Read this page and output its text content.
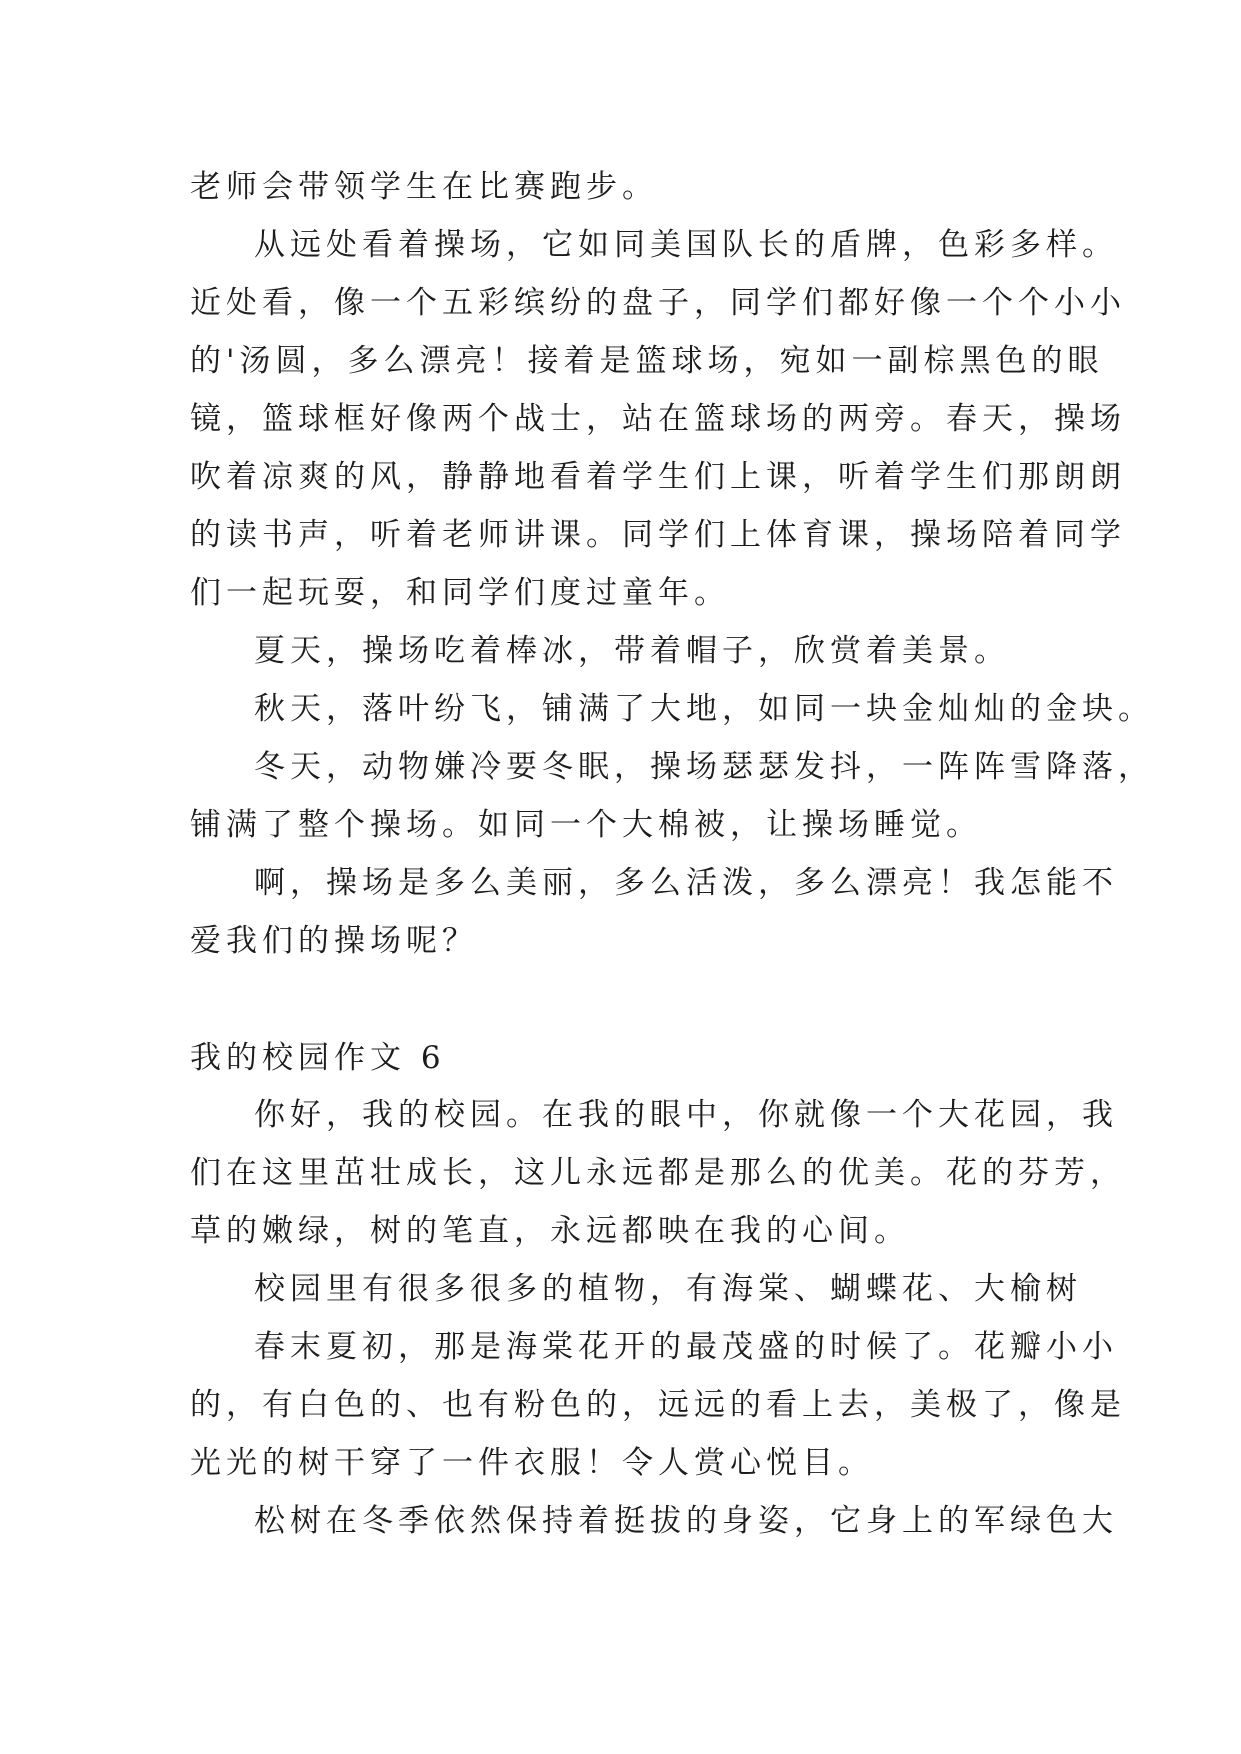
老师会带领学生在比赛跑步。
从远处看着操场，它如同美国队长的盾牌，色彩多样。
近处看，像一个五彩缤纷的盘子，同学们都好像一个个小小
的'汤圆，多么漂亮！接着是篮球场，宛如一副棕黑色的眼
镜，篮球框好像两个战士，站在篮球场的两旁。春天，操场
吹着凉爽的风，静静地看着学生们上课，听着学生们那朗朗
的读书声，听着老师讲课。同学们上体育课，操场陪着同学
们一起玩耍，和同学们度过童年。
夏天，操场吃着棒冰，带着帽子，欣赏着美景。
秋天，落叶纷飞，铺满了大地，如同一块金灿灿的金块。
冬天，动物嫌冷要冬眠，操场瑟瑟发抖，一阵阵雪降落，
铺满了整个操场。如同一个大棉被，让操场睡觉。
啊，操场是多么美丽，多么活泼，多么漂亮！我怎能不
爱我们的操场呢？
我的校园作文 6
你好，我的校园。在我的眼中，你就像一个大花园，我
们在这里茁壮成长，这儿永远都是那么的优美。花的芬芳，
草的嫩绿，树的笔直，永远都映在我的心间。
校园里有很多很多的植物，有海棠、蝴蝶花、大榆树
春末夏初，那是海棠花开的最茂盛的时候了。花瓣小小
的，有白色的、也有粉色的，远远的看上去，美极了，像是
光光的树干穿了一件衣服！令人赏心悦目。
松树在冬季依然保持着挺拔的身姿，它身上的军绿色大
